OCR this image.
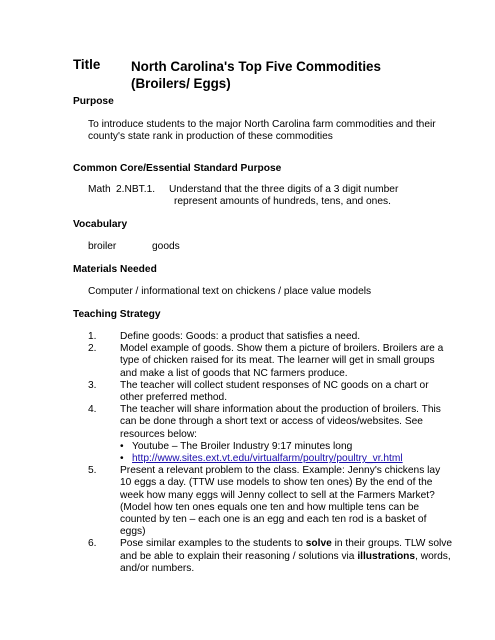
Title North Carolina's Top Five Commodities (Broilers/ Eggs)
Purpose
To introduce students to the major North Carolina farm commodities and their county's state rank in production of these commodities
Common Core/Essential Standard Purpose
Math 2.NBT.1. Understand that the three digits of a 3 digit number
represent amounts of hundreds, tens, and ones.
Vocabulary
broiler	goods
Materials Needed
Computer / informational text on chickens / place value models
Teaching Strategy
1. Define goods: Goods: a product that satisfies a need.
2. Model example of goods. Show them a picture of broilers. Broilers are a type of chicken raised for its meat. The learner will get in small groups and make a list of goods that NC farmers produce.
3. The teacher will collect student responses of NC goods on a chart or other preferred method.
4. The teacher will share information about the production of broilers. This can be done through a short text or access of videos/websites. See resources below:
• Youtube – The Broiler Industry 9:17 minutes long
• http://www.sites.ext.vt.edu/virtualfarm/poultry/poultry_vr.html
5. Present a relevant problem to the class. Example: Jenny's chickens lay 10 eggs a day. (TTW use models to show ten ones) By the end of the week how many eggs will Jenny collect to sell at the Farmers Market? (Model how ten ones equals one ten and how multiple tens can be counted by ten – each one is an egg and each ten rod is a basket of eggs)
6. Pose similar examples to the students to solve in their groups. TLW solve and be able to explain their reasoning / solutions via illustrations, words, and/or numbers.
